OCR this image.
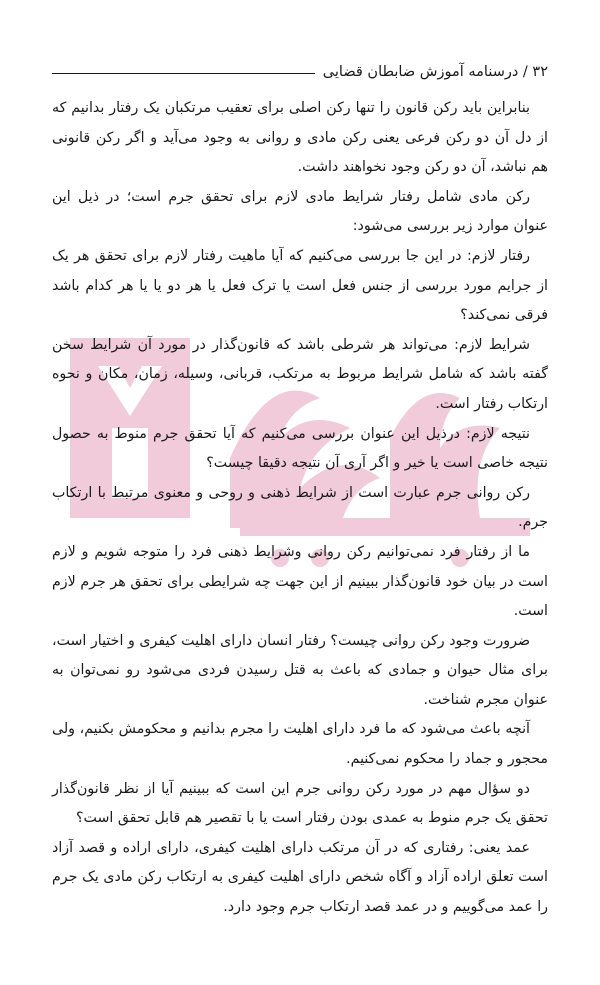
۳۲ / درسنامه آموزش ضابطان قضایی

بنابراین باید رکن قانون را تنها رکن اصلی برای تعقیب مرتکبان یک رفتار بدانیم که از دل آن دو رکن فرعی یعنی رکن مادی و روانی به وجود می‌آید و اگر رکن قانونی هم نباشد، آن دو رکن وجود نخواهند داشت.

رکن مادی شامل رفتار شرایط مادی لازم برای تحقق جرم است؛ در ذیل این عنوان موارد زیر بررسی می‌شود:

رفتار لازم: در این جا بررسی می‌کنیم که آیا ماهیت رفتار لازم برای تحقق هر یک از جرایم مورد بررسی از جنس فعل است یا ترک فعل یا هر دو یا یا هر کدام باشد فرقی نمی‌کند؟

شرایط لازم: می‌تواند هر شرطی باشد که قانون‌گذار در مورد آن شرایط سخن گفته باشد که شامل شرایط مربوط به مرتکب، قربانی، وسیله، زمان، مکان و نحوه ارتکاب رفتار است.

نتیجه لازم: درذیل این عنوان بررسی می‌کنیم که آیا تحقق جرم منوط به حصول نتیجه خاصی است یا خیر و اگر آری آن نتیجه دقیقا چیست؟

رکن روانی جرم عبارت است از شرایط ذهنی و روحی و معنوی مرتبط با ارتکاب جرم.

ما از رفتار فرد نمی‌توانیم رکن روانی وشرایط ذهنی فرد را متوجه شویم و لازم است در بیان خود قانون‌گذار ببینیم از این جهت چه شرایطی برای تحقق هر جرم لازم است.

ضرورت وجود رکن روانی چیست؟ رفتار انسان دارای اهلیت کیفری و اختیار است، برای مثال حیوان و جمادی که باعث به قتل رسیدن فردی می‌شود رو نمی‌توان به عنوان مجرم شناخت.

آنچه باعث می‌شود که ما فرد دارای اهلیت را مجرم بدانیم و محکومش بکنیم، ولی محجور و جماد را محکوم نمی‌کنیم.

دو سؤال مهم در مورد رکن روانی جرم این است که ببینیم آیا از نظر قانون‌گذار تحقق یک جرم منوط به عمدی بودن رفتار است یا با تقصیر هم قابل تحقق است؟

عمد یعنی: رفتاری که در آن مرتکب دارای اهلیت کیفری، دارای اراده و قصد آزاد است تعلق اراده آزاد و آگاه شخص دارای اهلیت کیفری به ارتکاب رکن مادی یک جرم را عمد می‌گوییم و در عمد قصد ارتکاب جرم وجود دارد.
